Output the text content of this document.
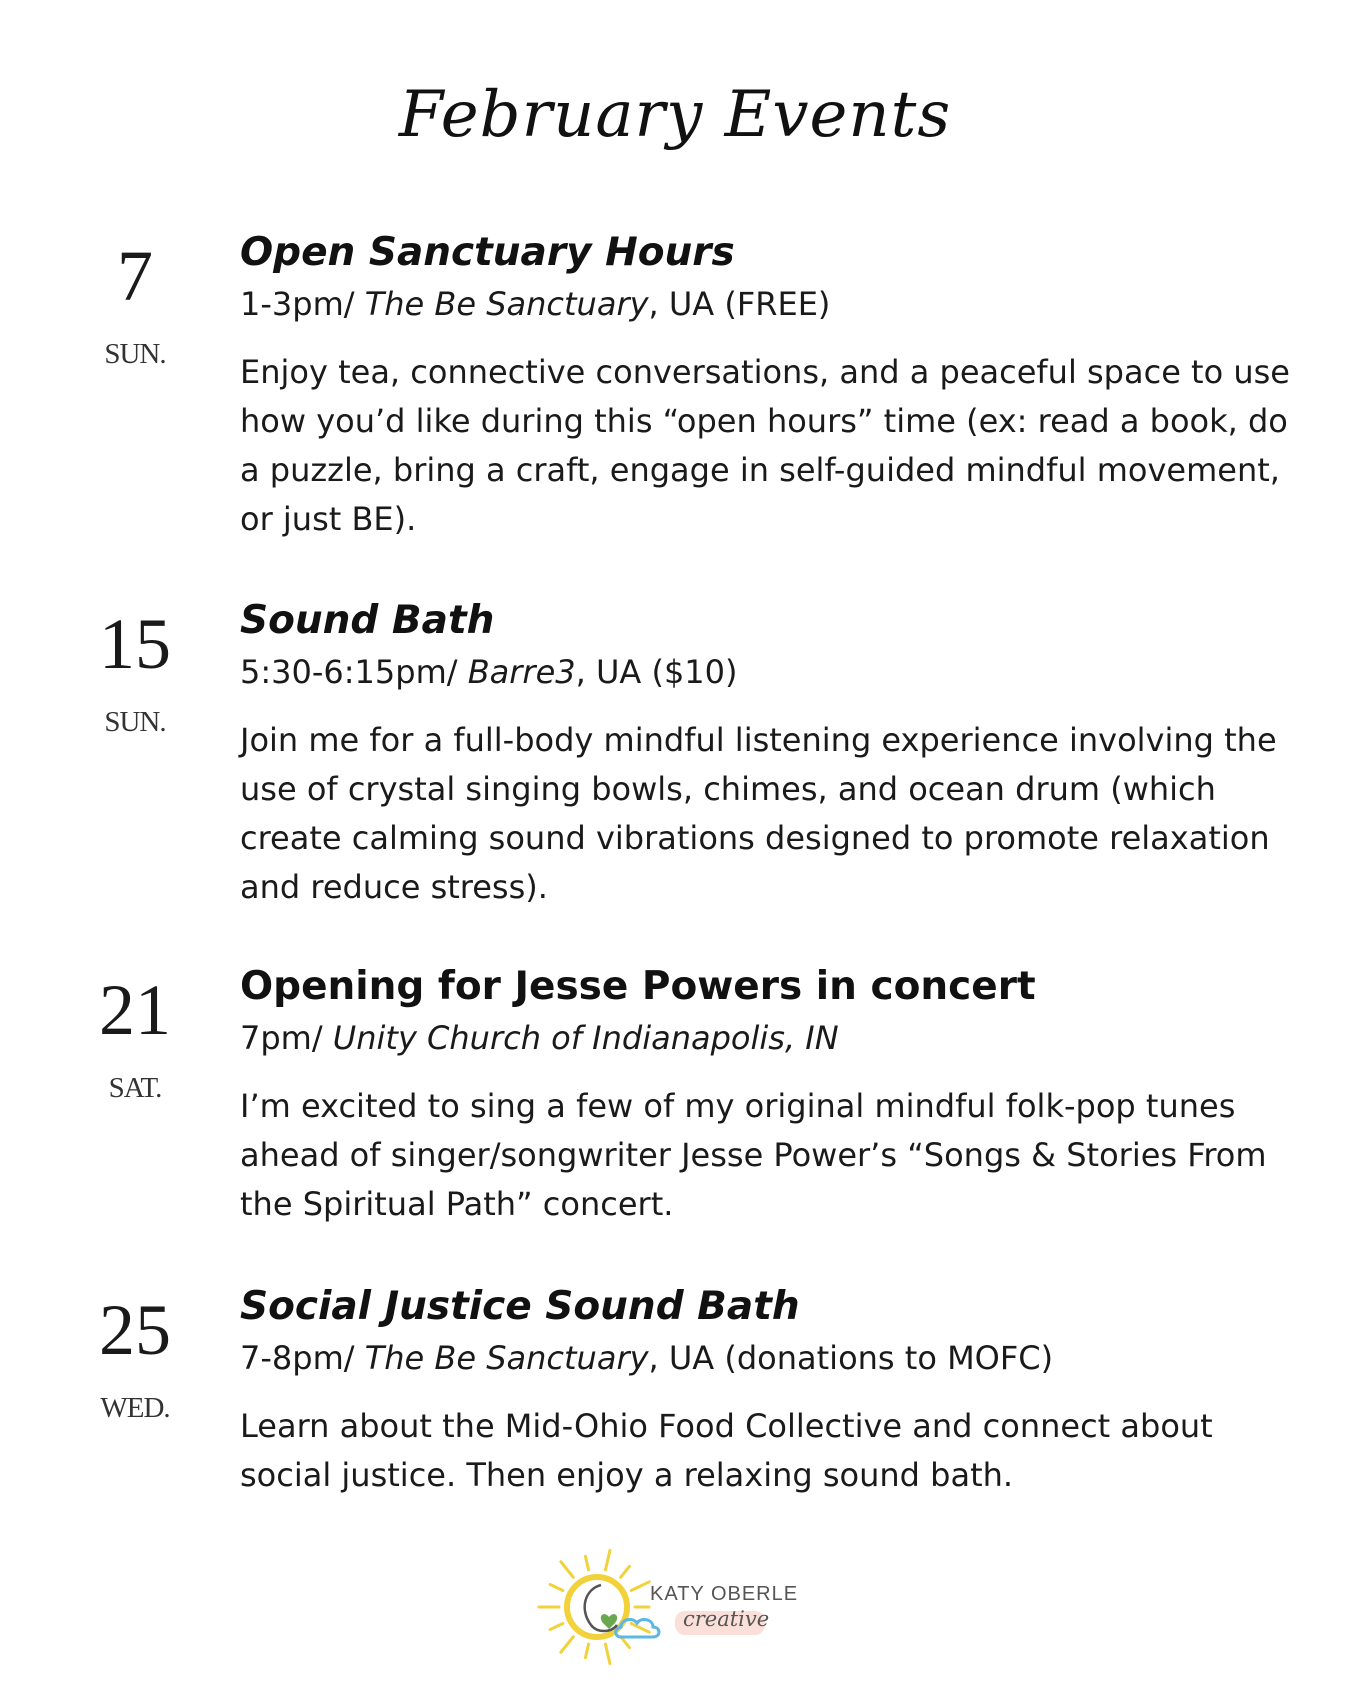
February Events
7
SUN.
Open Sanctuary Hours
1-3pm/ The Be Sanctuary, UA (FREE)
Enjoy tea, connective conversations, and a peaceful space to use how you’d like during this “open hours” time (ex: read a book, do a puzzle, bring a craft, engage in self-guided mindful movement, or just BE).
15
SUN.
Sound Bath
5:30-6:15pm/ Barre3, UA ($10)
Join me for a full-body mindful listening experience involving the use of crystal singing bowls, chimes, and ocean drum (which create calming sound vibrations designed to promote relaxation and reduce stress).
21
SAT.
Opening for Jesse Powers in concert
7pm/ Unity Church of Indianapolis, IN
I’m excited to sing a few of my original mindful folk-pop tunes ahead of singer/songwriter Jesse Power’s “Songs & Stories From the Spiritual Path” concert.
25
WED.
Social Justice Sound Bath
7-8pm/ The Be Sanctuary, UA (donations to MOFC)
Learn about the Mid-Ohio Food Collective and connect about social justice. Then enjoy a relaxing sound bath.
KATY OBERLE
creative
